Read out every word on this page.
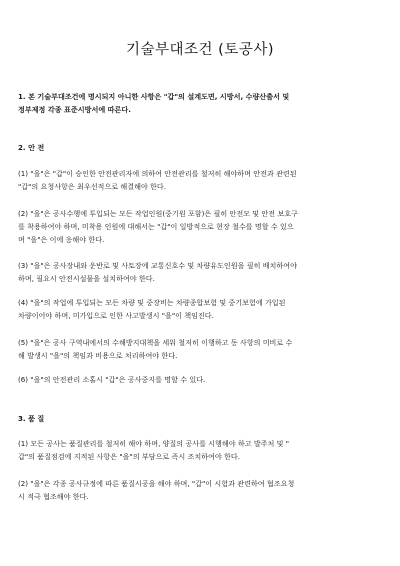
기술부대조건 (토공사)
1. 본 기술부대조건에 명시되지 아니한 사항은 "갑"의 설계도면, 시방서, 수량산출서 및
정부제정 각종 표준시방서에 따른다.
2. 안 전
(1) "을"은 "갑"이 승인한 안전관리자에 의하여 안전관리를 철저히 해야하며 안전과 관련된
"갑"의 요청사항은 최우선적으로 해결해야 한다.
(2) "을"은 공사수행에 투입되는 모든 작업인원(중기원 포함)은 필히 안전모 및 안전 보호구
를 착용하여야 하며, 미착용 인원에 대해서는 "갑"이 일방적으로 현장 철수를 명할 수 있으
며 "을"은 이에 응해야 한다.
(3) "을"은 공사장내와 운반로 및 사토장에 교통신호수 및 차량유도인원을 필히 배치하여야
하며, 필요시 안전시설물을 설치하여야 한다.
(4) "을"의 작업에 투입되는 모든 차량 및 중장비는 차량종합보험 및 중기보험에 가입된
차량이어야 하며, 미가입으로 인한 사고발생시 "을"이 책임진다.
(5) "을"은 공사 구역내에서의 수해방지대책을 세워 철저히 이행하고 동 사항의 미비로 수
해 발생시 "을"의 책임과 비용으로 처리하여야 한다.
(6) "을"의 안전관리 소홀시 "갑"은 공사중지를 명할 수 있다.
3. 품 질
(1) 모든 공사는 품질관리를 철저히 해야 하며, 양질의 공사를 시행해야 하고 발주처 및 "
갑"의 품질점검에 지적된 사항은 "을"의 부담으로 즉시 조치하여야 한다.
(2) "을"은 각종 공사규정에 따른 품질시공을 해야 하며, "갑"이 시험과 관련하여 협조요청
시 적극 협조해야 한다.
